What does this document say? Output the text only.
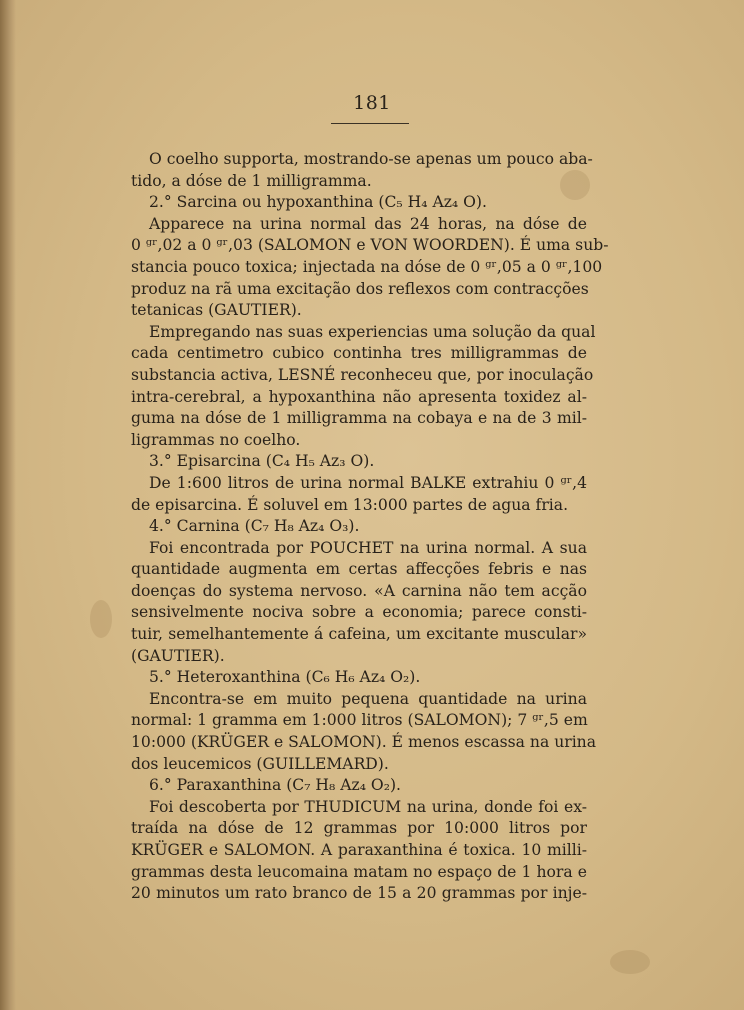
181
O coelho supporta, mostrando-se apenas um pouco aba-
tido, a dóse de 1 milligramma.
2.° Sarcina ou hypoxanthina (C₅ H₄ Az₄ O).
Apparece na urina normal das 24 horas, na dóse de
0 ᵍʳ,02 a 0 ᵍʳ,03 (SALOMON e VON WOORDEN). É uma sub-
stancia pouco toxica; injectada na dóse de 0 ᵍʳ,05 a 0 ᵍʳ,100
produz na rã uma excitação dos reflexos com contracções
tetanicas (GAUTIER).
Empregando nas suas experiencias uma solução da qual
cada centimetro cubico continha tres milligrammas de
substancia activa, LESNÉ reconheceu que, por inoculação
intra-cerebral, a hypoxanthina não apresenta toxidez al-
guma na dóse de 1 milligramma na cobaya e na de 3 mil-
ligrammas no coelho.
3.° Episarcina (C₄ H₅ Az₃ O).
De 1:600 litros de urina normal BALKE extrahiu 0 ᵍʳ,4
de episarcina. É soluvel em 13:000 partes de agua fria.
4.° Carnina (C₇ H₈ Az₄ O₃).
Foi encontrada por POUCHET na urina normal. A sua
quantidade augmenta em certas affecções febris e nas
doenças do systema nervoso. «A carnina não tem acção
sensivelmente nociva sobre a economia; parece consti-
tuir, semelhantemente á cafeina, um excitante muscular»
(GAUTIER).
5.° Heteroxanthina (C₆ H₆ Az₄ O₂).
Encontra-se em muito pequena quantidade na urina
normal: 1 gramma em 1:000 litros (SALOMON); 7 ᵍʳ,5 em
10:000 (KRÜGER e SALOMON). É menos escassa na urina
dos leucemicos (GUILLEMARD).
6.° Paraxanthina (C₇ H₈ Az₄ O₂).
Foi descoberta por THUDICUM na urina, donde foi ex-
traída na dóse de 12 grammas por 10:000 litros por
KRÜGER e SALOMON. A paraxanthina é toxica. 10 milli-
grammas desta leucomaina matam no espaço de 1 hora e
20 minutos um rato branco de 15 a 20 grammas por inje-
